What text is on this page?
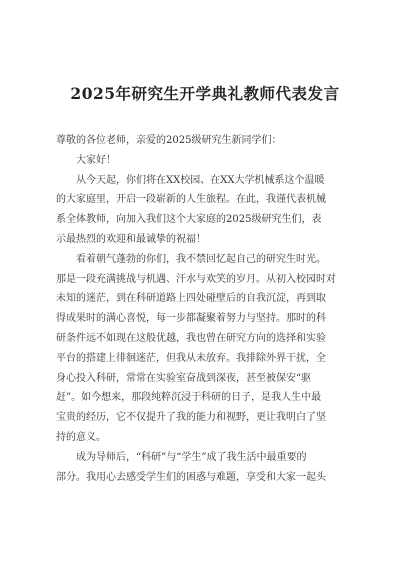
2025年研究生开学典礼教师代表发言
尊敬的各位老师，亲爱的2025级研究生新同学们：
　　大家好！
　　从今天起，你们将在XX校园、在XX大学机械系这个温暖
的大家庭里，开启一段崭新的人生旅程。在此，我谨代表机械
系全体教师，向加入我们这个大家庭的2025级研究生们，表
示最热烈的欢迎和最诚挚的祝福！
　　看着朝气蓬勃的你们，我不禁回忆起自己的研究生时光。
那是一段充满挑战与机遇、汗水与欢笑的岁月。从初入校园时对
未知的迷茫，到在科研道路上四处碰壁后的自我沉淀，再到取
得成果时的满心喜悦，每一步都凝聚着努力与坚持。那时的科
研条件远不如现在这般优越，我也曾在研究方向的选择和实验
平台的搭建上徘徊迷茫，但我从未放弃。我排除外界干扰，全
身心投入科研，常常在实验室奋战到深夜，甚至被保安“驱
赶”。如今想来，那段纯粹沉浸于科研的日子，是我人生中最
宝贵的经历，它不仅提升了我的能力和视野，更让我明白了坚
持的意义。
　　成为导师后，“科研”与“学生”成了我生活中最重要的
部分。我用心去感受学生们的困惑与难题，享受和大家一起头
